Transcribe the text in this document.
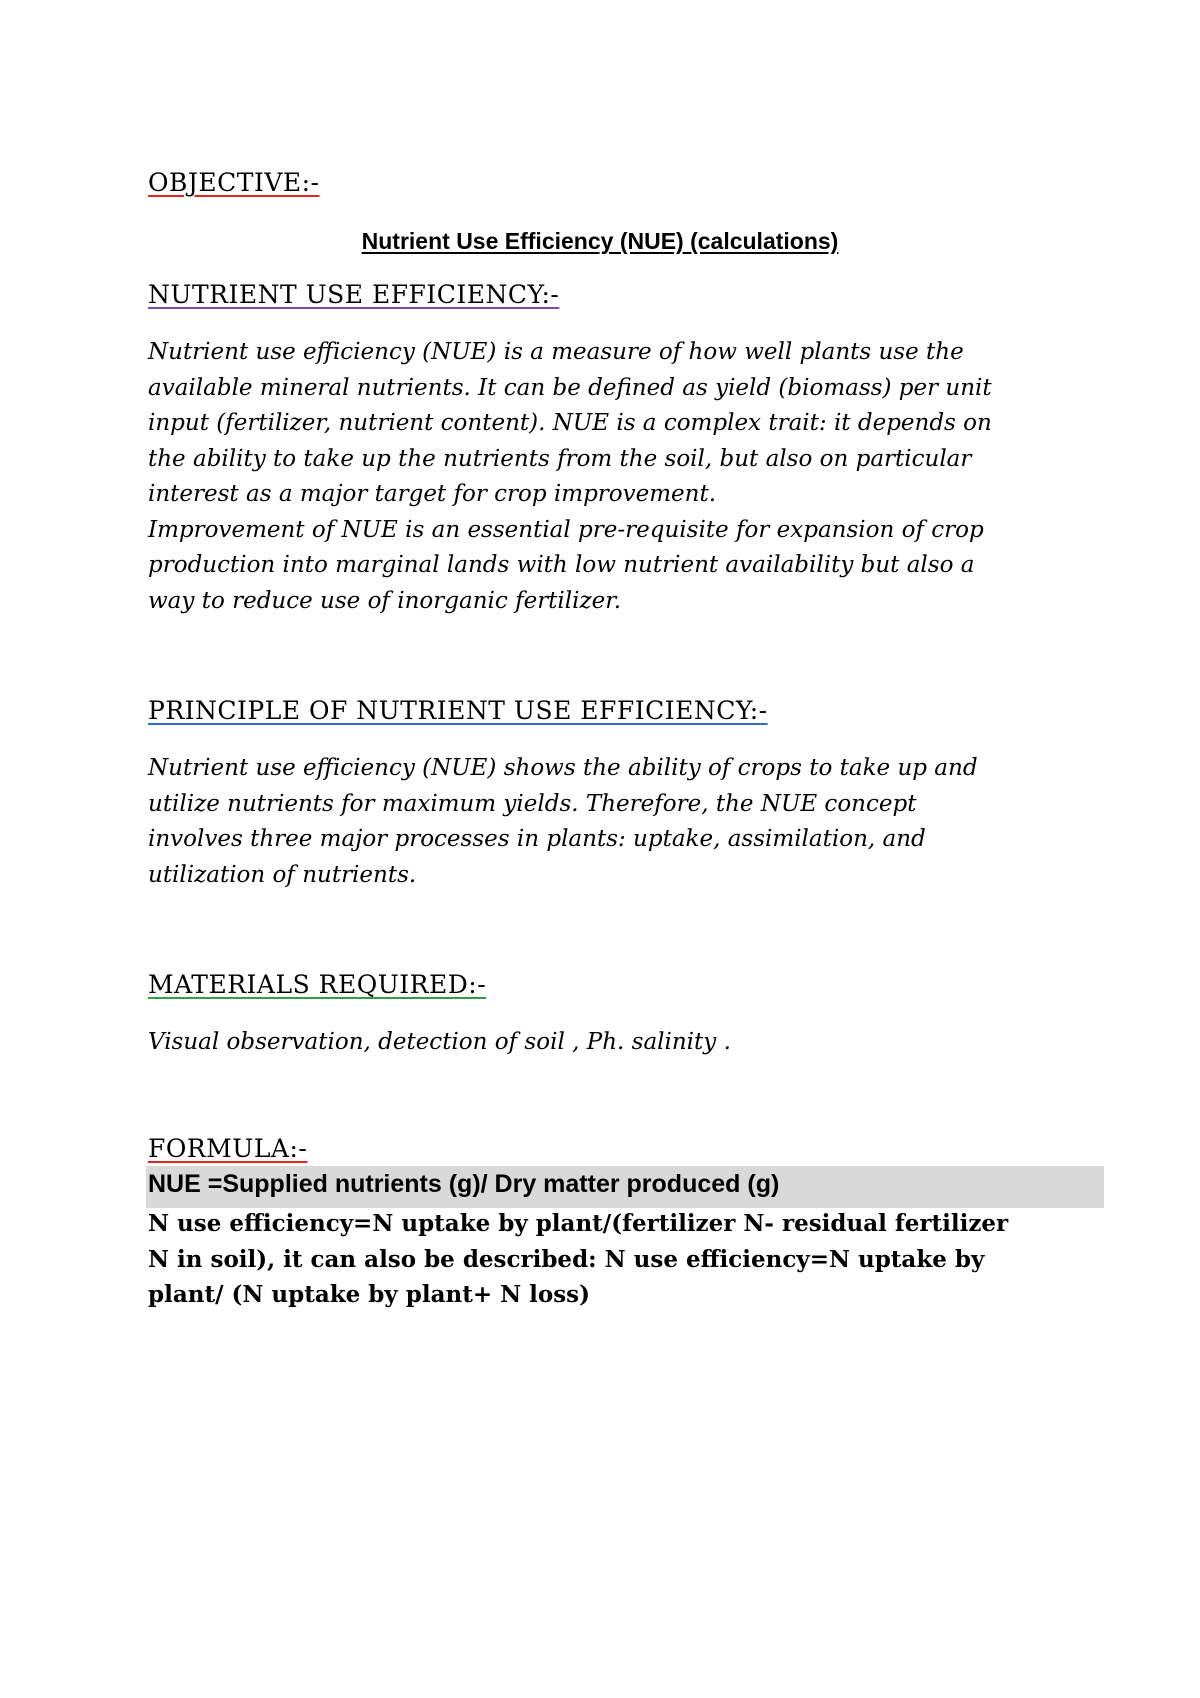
OBJECTIVE:-
Nutrient Use Efficiency (NUE) (calculations)
NUTRIENT USE EFFICIENCY:-
Nutrient use efficiency (NUE) is a measure of how well plants use the
available mineral nutrients. It can be defined as yield (biomass) per unit
input (fertilizer, nutrient content). NUE is a complex trait: it depends on
the ability to take up the nutrients from the soil, but also on particular
interest as a major target for crop improvement.
Improvement of NUE is an essential pre-requisite for expansion of crop
production into marginal lands with low nutrient availability but also a
way to reduce use of inorganic fertilizer.
PRINCIPLE OF NUTRIENT USE EFFICIENCY:-
Nutrient use efficiency (NUE) shows the ability of crops to take up and
utilize nutrients for maximum yields. Therefore, the NUE concept
involves three major processes in plants: uptake, assimilation, and
utilization of nutrients.
MATERIALS REQUIRED:-
Visual observation, detection of soil , Ph. salinity .
FORMULA:-

NUE =Supplied nutrients (g)/ Dry matter produced (g)

N use efficiency=N uptake by plant/(fertilizer N- residual fertilizer
N in soil), it can also be described: N use efficiency=N uptake by
plant/ (N uptake by plant+ N loss)
